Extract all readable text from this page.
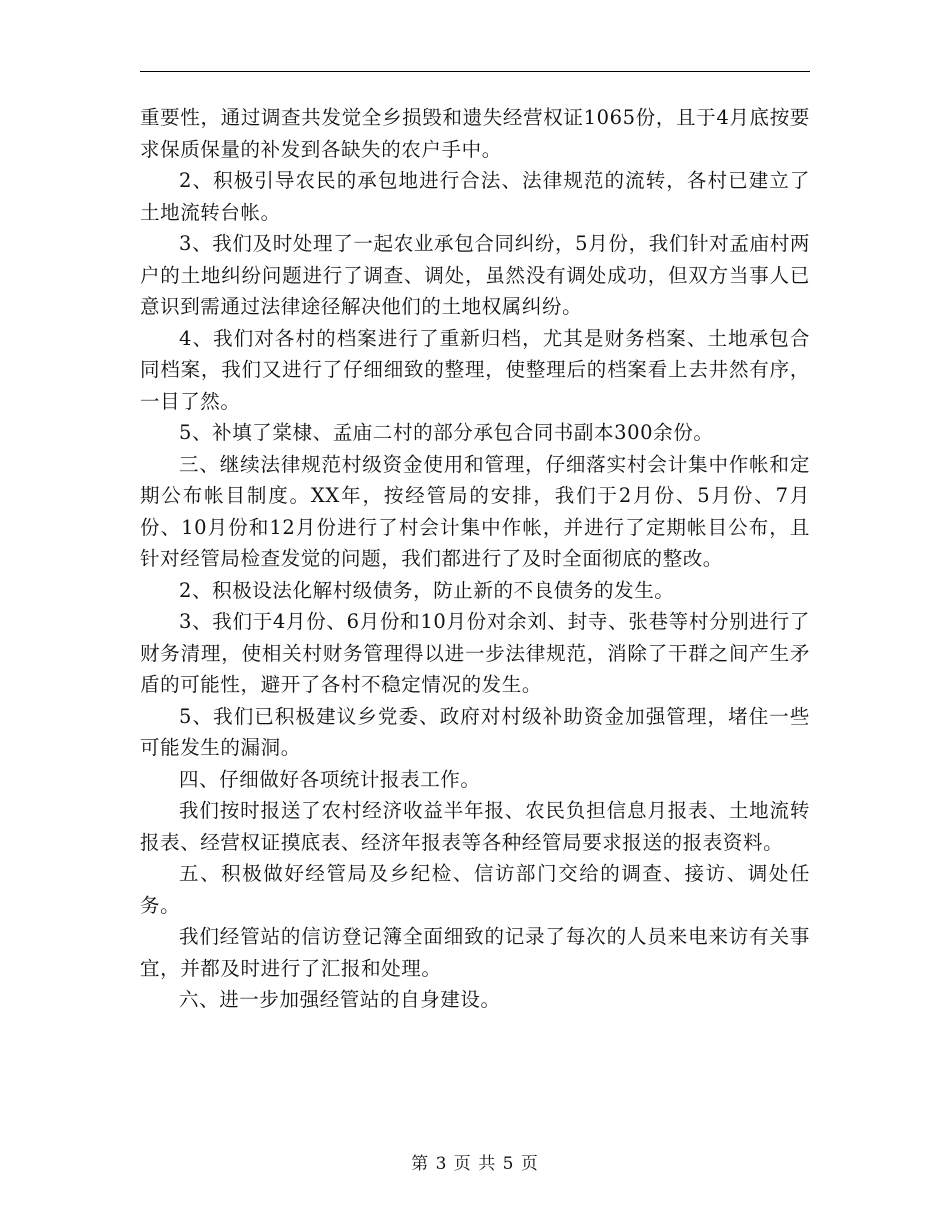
重要性，通过调查共发觉全乡损毁和遗失经营权证1065份，且于4月底按要求保质保量的补发到各缺失的农户手中。

2、积极引导农民的承包地进行合法、法律规范的流转，各村已建立了土地流转台帐。

3、我们及时处理了一起农业承包合同纠纷，5月份，我们针对孟庙村两户的土地纠纷问题进行了调查、调处，虽然没有调处成功，但双方当事人已意识到需通过法律途径解决他们的土地权属纠纷。

4、我们对各村的档案进行了重新归档，尤其是财务档案、土地承包合同档案，我们又进行了仔细细致的整理，使整理后的档案看上去井然有序，一目了然。

5、补填了棠棣、孟庙二村的部分承包合同书副本300余份。

三、继续法律规范村级资金使用和管理，仔细落实村会计集中作帐和定期公布帐目制度。XX年，按经管局的安排，我们于2月份、5月份、7月份、10月份和12月份进行了村会计集中作帐，并进行了定期帐目公布，且针对经管局检查发觉的问题，我们都进行了及时全面彻底的整改。

2、积极设法化解村级债务，防止新的不良债务的发生。

3、我们于4月份、6月份和10月份对余刘、封寺、张巷等村分别进行了财务清理，使相关村财务管理得以进一步法律规范，消除了干群之间产生矛盾的可能性，避开了各村不稳定情况的发生。

5、我们已积极建议乡党委、政府对村级补助资金加强管理，堵住一些可能发生的漏洞。

四、仔细做好各项统计报表工作。

我们按时报送了农村经济收益半年报、农民负担信息月报表、土地流转报表、经营权证摸底表、经济年报表等各种经管局要求报送的报表资料。

五、积极做好经管局及乡纪检、信访部门交给的调查、接访、调处任务。

我们经管站的信访登记簿全面细致的记录了每次的人员来电来访有关事宜，并都及时进行了汇报和处理。

六、进一步加强经管站的自身建设。

第 3 页 共 5 页
